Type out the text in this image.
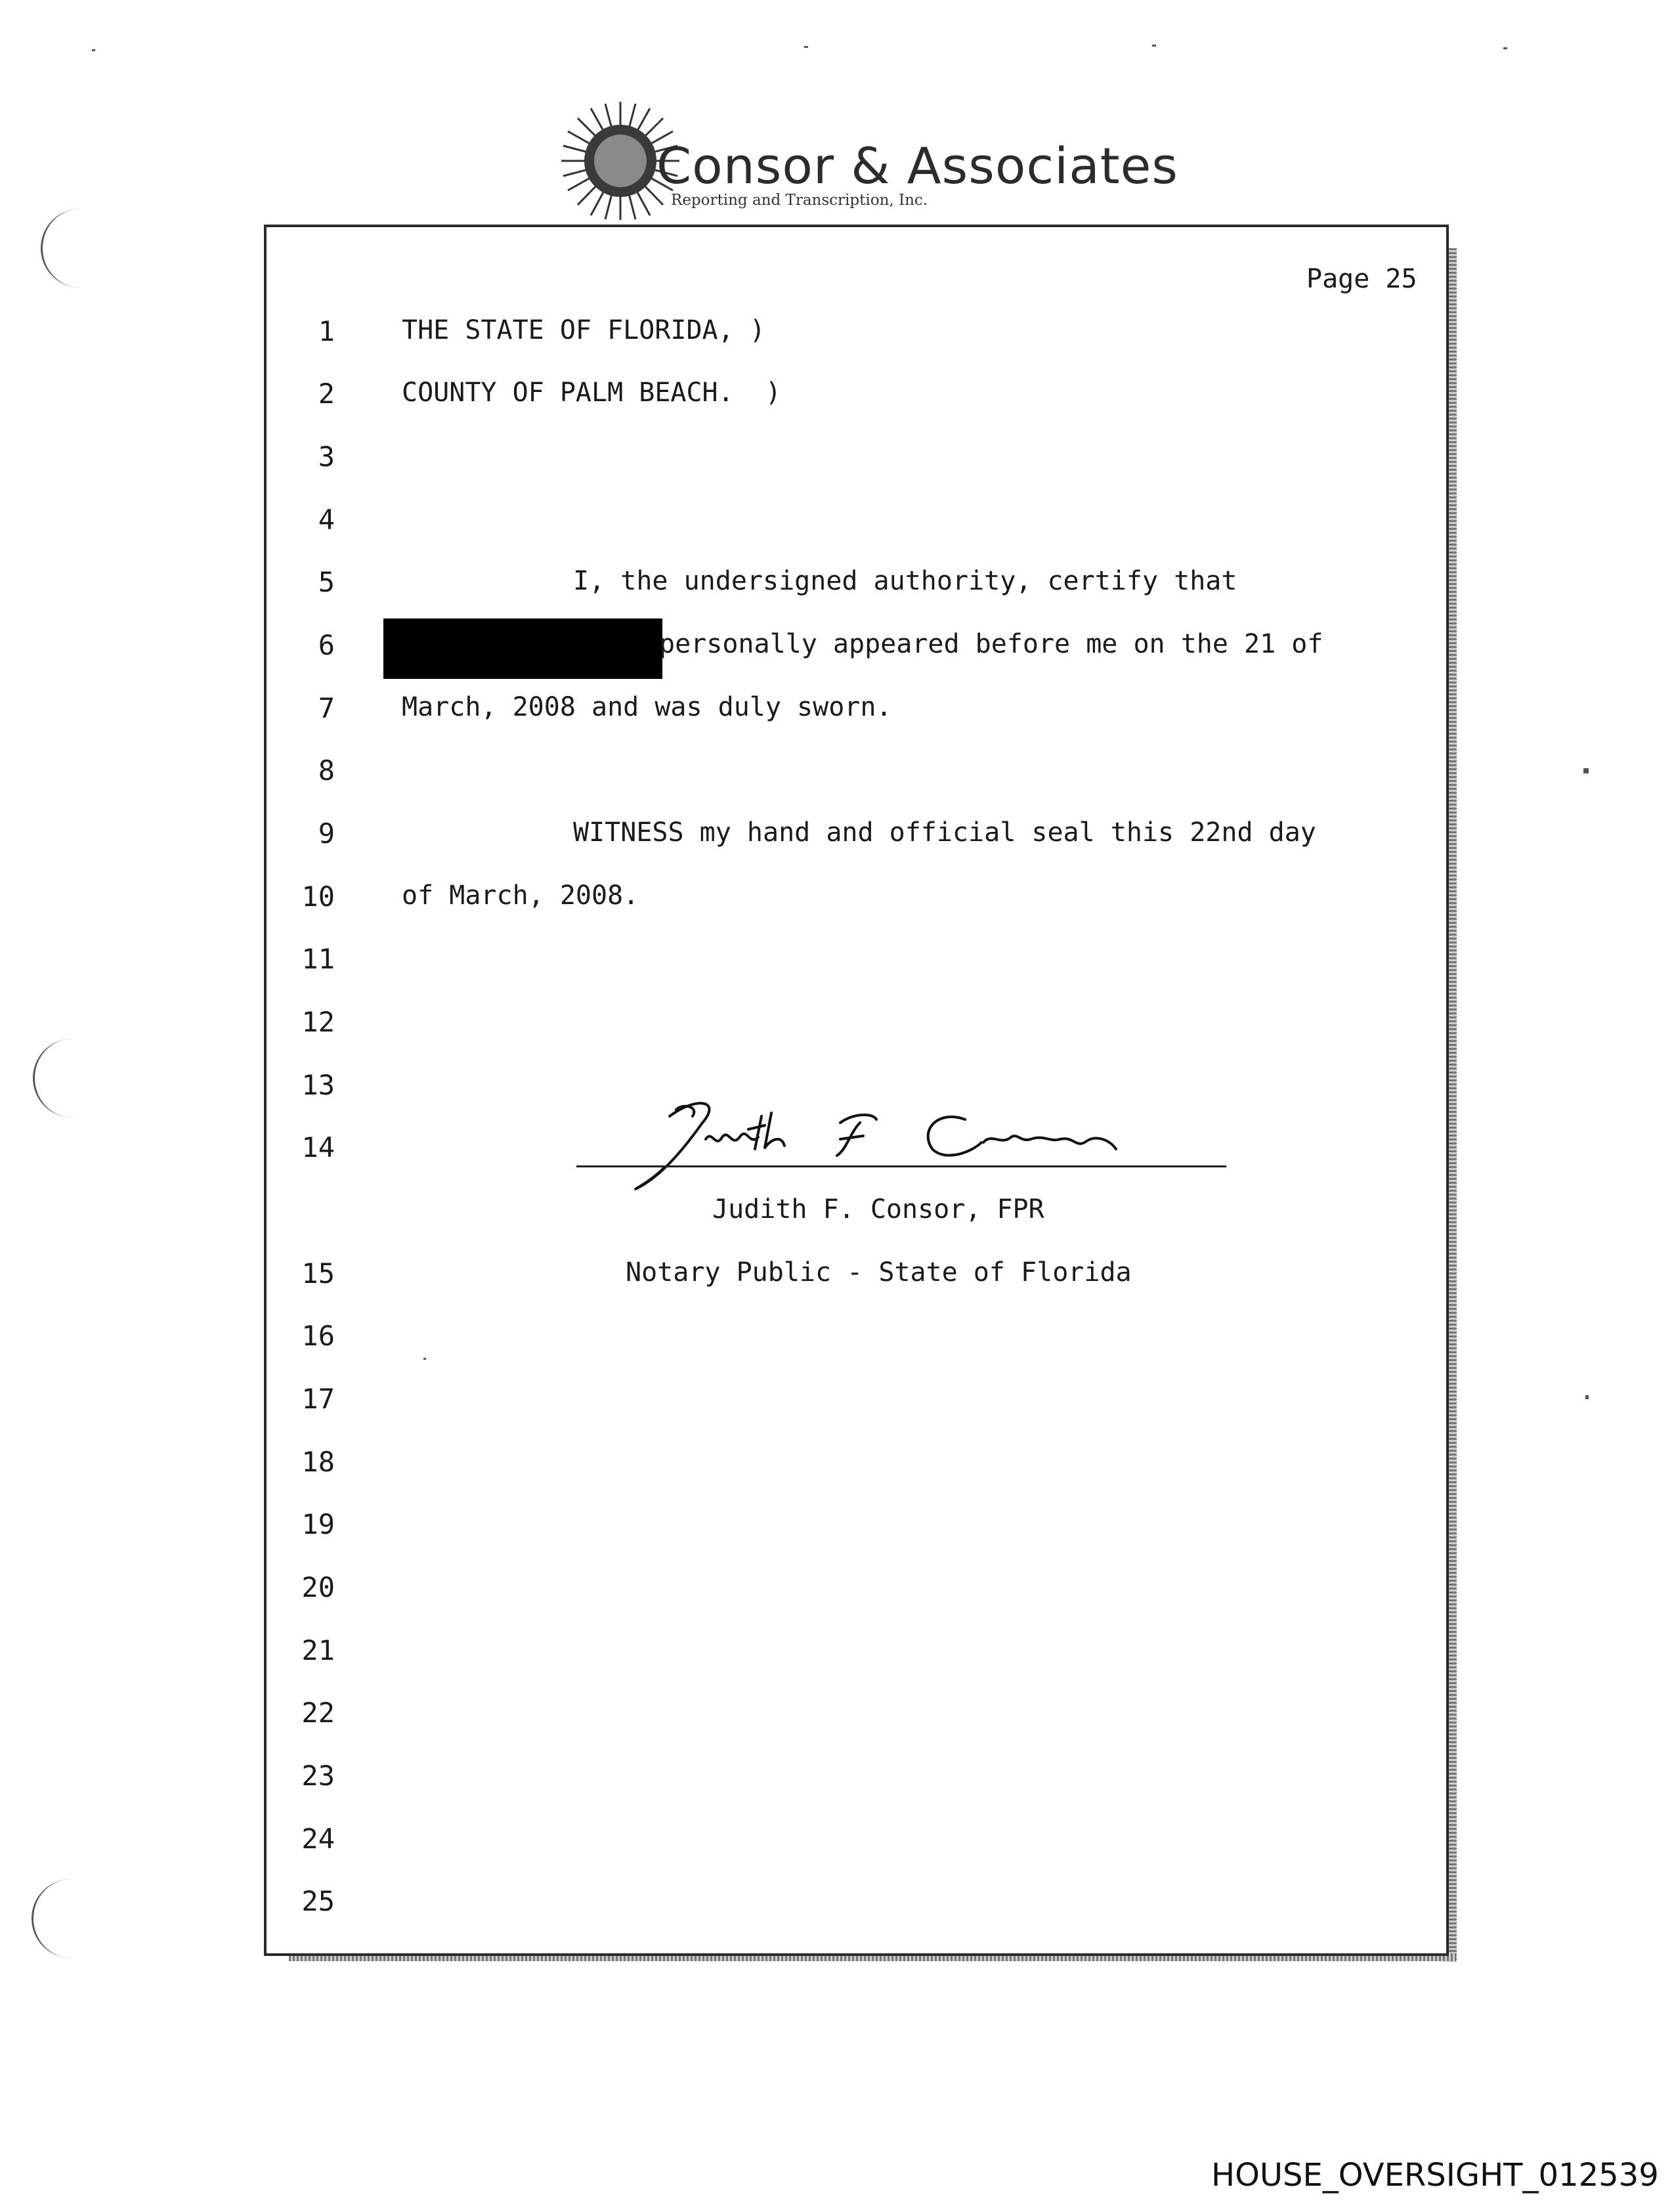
Consor & Associates
Reporting and Transcription, Inc.
Page 25
1
2
3
4
5
6
7
8
9
10
11
12
13
14
15
16
17
18
19
20
21
22
23
24
25
THE STATE OF FLORIDA, )
COUNTY OF PALM BEACH.  )
I, the undersigned authority, certify that
personally appeared before me on the 21 of
March, 2008 and was duly sworn.
WITNESS my hand and official seal this 22nd day
of March, 2008.
Judith F. Consor, FPR
Notary Public - State of Florida
HOUSE_OVERSIGHT_012539
